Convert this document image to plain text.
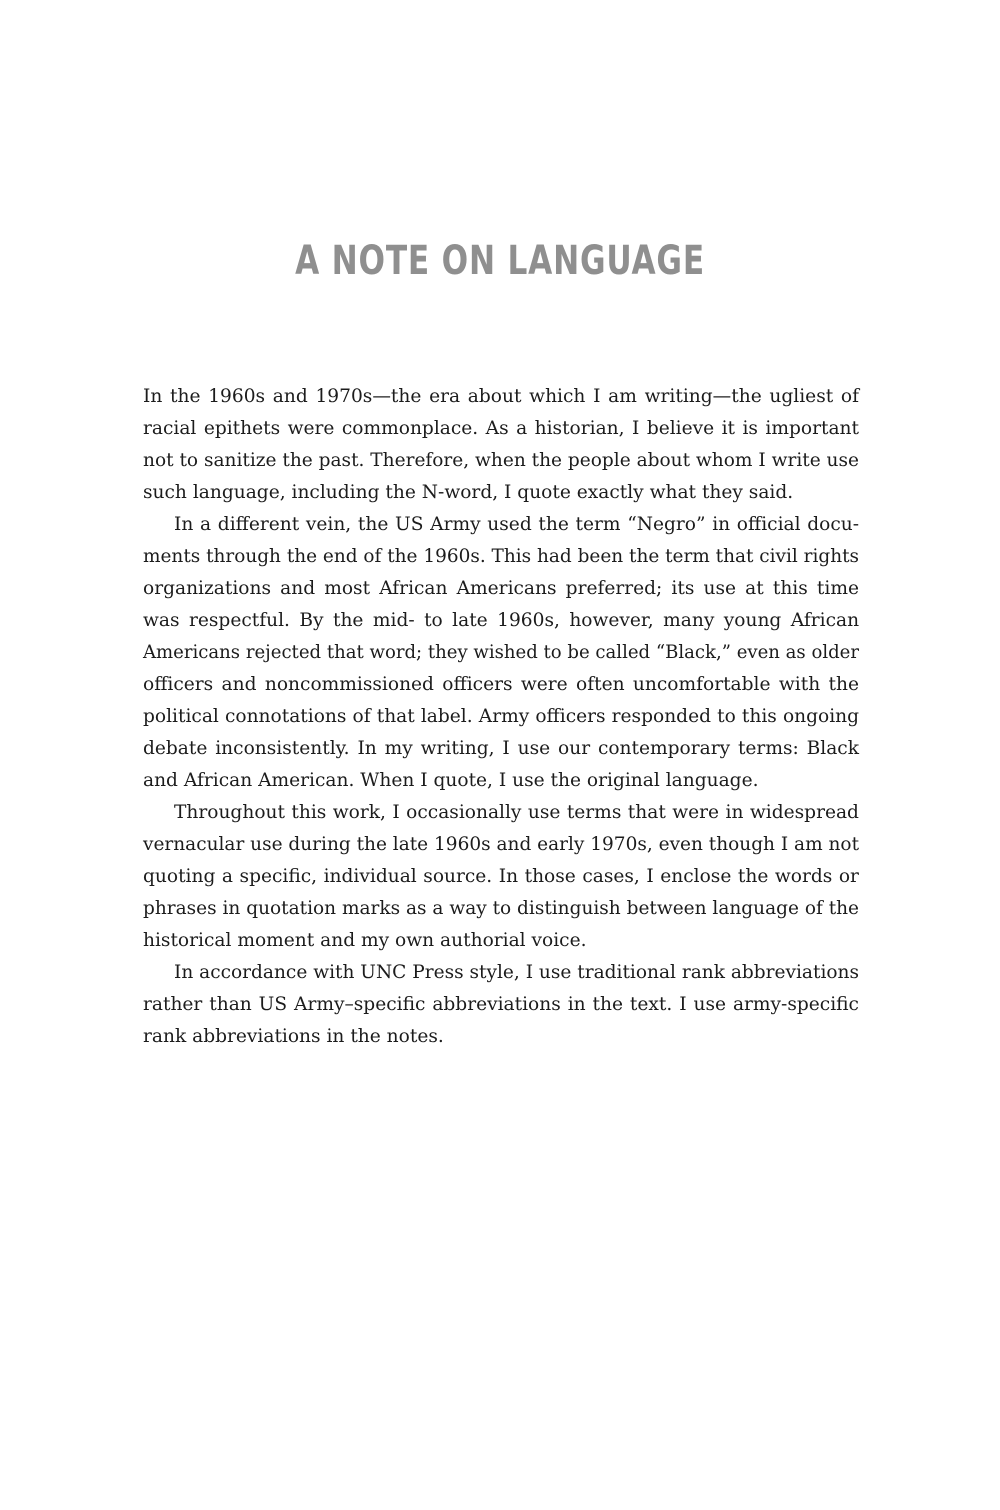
A NOTE ON LANGUAGE
In the 1960s and 1970s—the era about which I am writing—the ugliest of
racial epithets were commonplace. As a historian, I believe it is important
not to sanitize the past. Therefore, when the people about whom I write use
such language, including the N-word, I quote exactly what they said.
In a different vein, the US Army used the term “Negro” in official docu-
ments through the end of the 1960s. This had been the term that civil rights
organizations and most African Americans preferred; its use at this time
was respectful. By the mid- to late 1960s, however, many young African
Americans rejected that word; they wished to be called “Black,” even as older
officers and noncommissioned officers were often uncomfortable with the
political connotations of that label. Army officers responded to this ongoing
debate inconsistently. In my writing, I use our contemporary terms: Black
and African American. When I quote, I use the original language.
Throughout this work, I occasionally use terms that were in widespread
vernacular use during the late 1960s and early 1970s, even though I am not
quoting a specific, individual source. In those cases, I enclose the words or
phrases in quotation marks as a way to distinguish between language of the
historical moment and my own authorial voice.
In accordance with UNC Press style, I use traditional rank abbreviations
rather than US Army–specific abbreviations in the text. I use army-specific
rank abbreviations in the notes.
